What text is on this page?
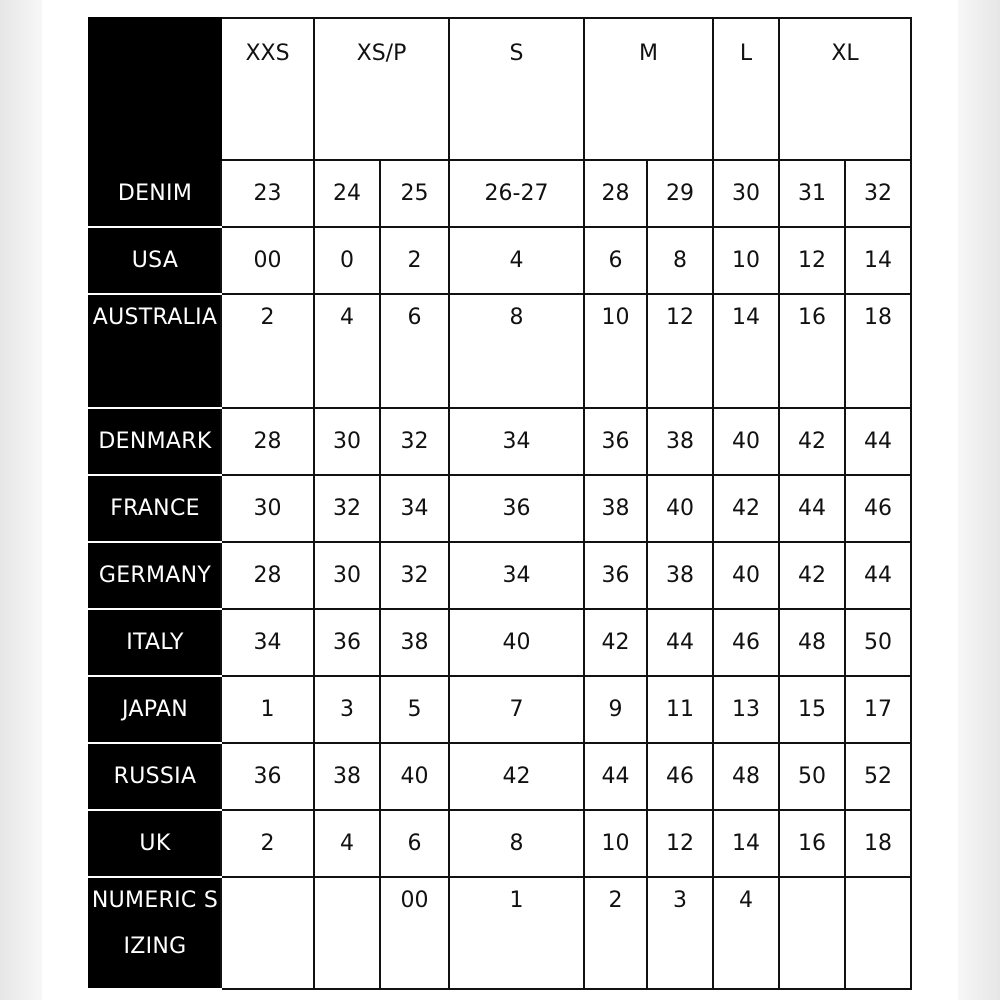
	XXS	XS/P		S	M		L	XL	
DENIM	23	24	25	26-27	28	29	30	31	32
USA	00	0	2	4	6	8	10	12	14
AUSTRALIA	2	4	6	8	10	12	14	16	18
DENMARK	28	30	32	34	36	38	40	42	44
FRANCE	30	32	34	36	38	40	42	44	46
GERMANY	28	30	32	34	36	38	40	42	44
ITALY	34	36	38	40	42	44	46	48	50
JAPAN	1	3	5	7	9	11	13	15	17
RUSSIA	36	38	40	42	44	46	48	50	52
UK	2	4	6	8	10	12	14	16	18
NUMERIC SIZING			00	1	2	3	4		
